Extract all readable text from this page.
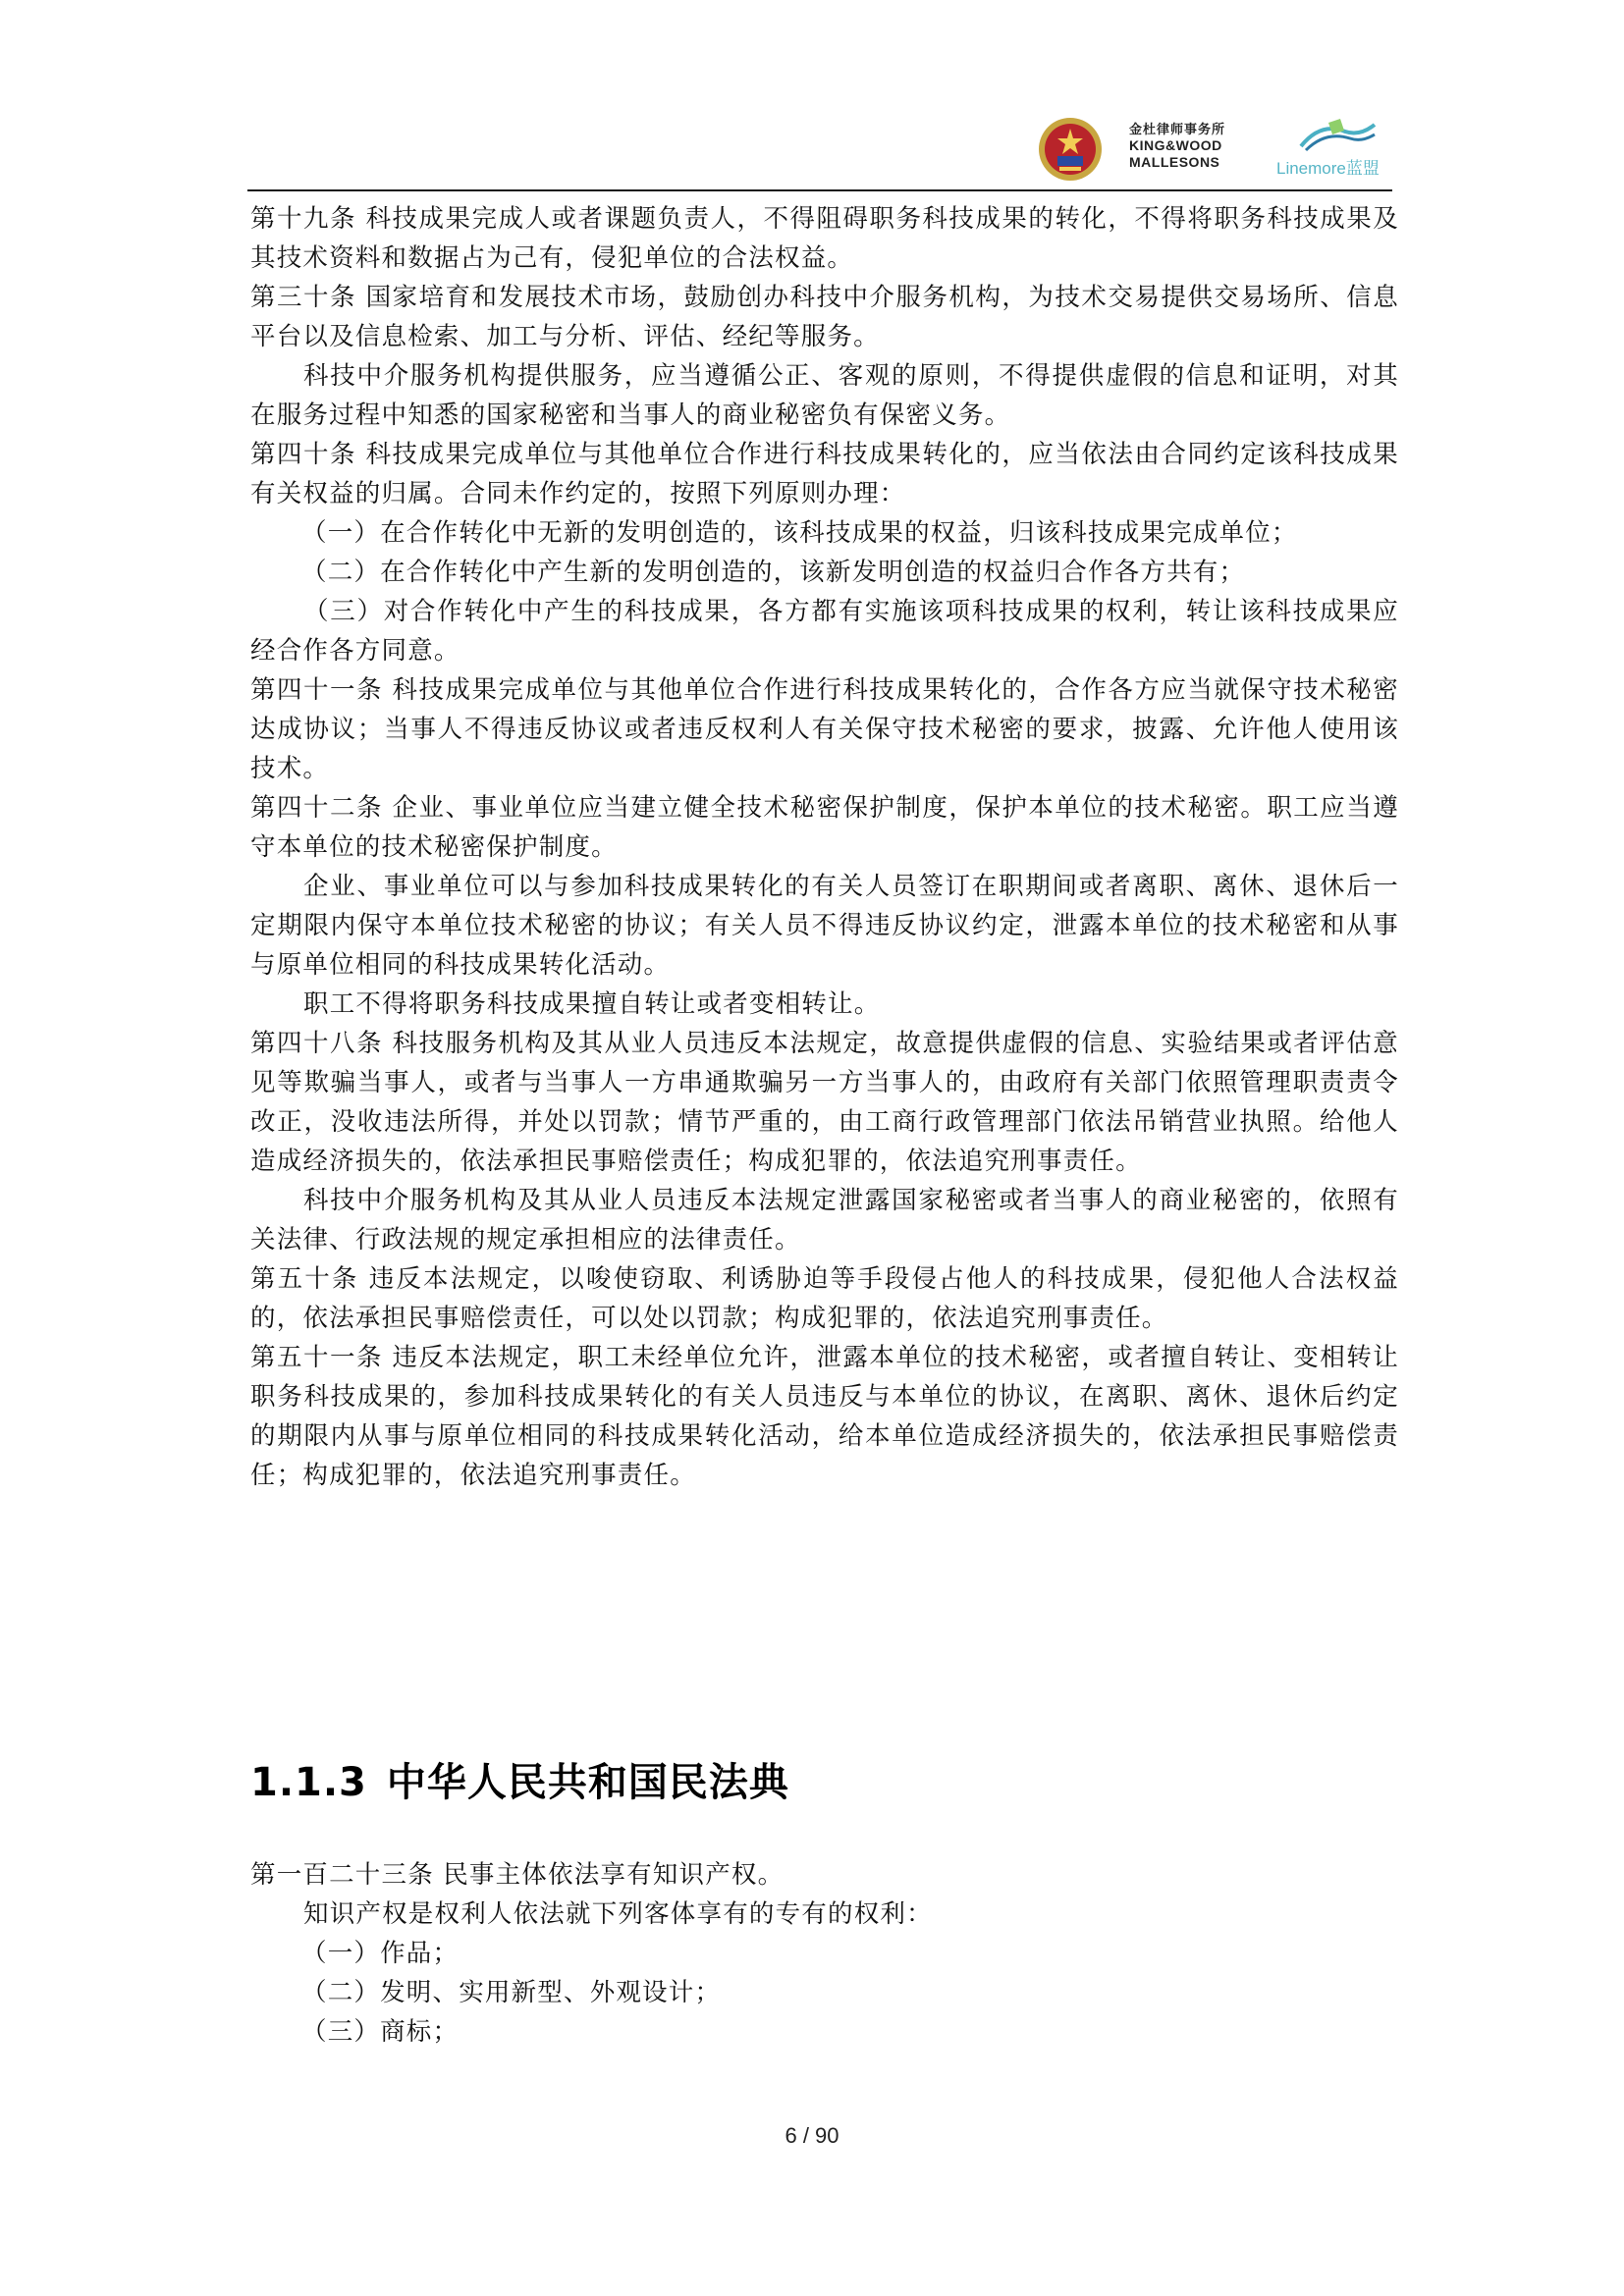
金杜律师事务所
KING&WOOD
MALLESONS	Linemore蓝盟

第十九条 科技成果完成人或者课题负责人，不得阻碍职务科技成果的转化，不得将职务科技成果及其技术资料和数据占为己有，侵犯单位的合法权益。

第三十条 国家培育和发展技术市场，鼓励创办科技中介服务机构，为技术交易提供交易场所、信息平台以及信息检索、加工与分析、评估、经纪等服务。

科技中介服务机构提供服务，应当遵循公正、客观的原则，不得提供虚假的信息和证明，对其在服务过程中知悉的国家秘密和当事人的商业秘密负有保密义务。

第四十条 科技成果完成单位与其他单位合作进行科技成果转化的，应当依法由合同约定该科技成果有关权益的归属。合同未作约定的，按照下列原则办理：

（一）在合作转化中无新的发明创造的，该科技成果的权益，归该科技成果完成单位；

（二）在合作转化中产生新的发明创造的，该新发明创造的权益归合作各方共有；

（三）对合作转化中产生的科技成果，各方都有实施该项科技成果的权利，转让该科技成果应经合作各方同意。

第四十一条 科技成果完成单位与其他单位合作进行科技成果转化的，合作各方应当就保守技术秘密达成协议；当事人不得违反协议或者违反权利人有关保守技术秘密的要求，披露、允许他人使用该技术。

第四十二条 企业、事业单位应当建立健全技术秘密保护制度，保护本单位的技术秘密。职工应当遵守本单位的技术秘密保护制度。

企业、事业单位可以与参加科技成果转化的有关人员签订在职期间或者离职、离休、退休后一定期限内保守本单位技术秘密的协议；有关人员不得违反协议约定，泄露本单位的技术秘密和从事与原单位相同的科技成果转化活动。

职工不得将职务科技成果擅自转让或者变相转让。

第四十八条 科技服务机构及其从业人员违反本法规定，故意提供虚假的信息、实验结果或者评估意见等欺骗当事人，或者与当事人一方串通欺骗另一方当事人的，由政府有关部门依照管理职责责令改正，没收违法所得，并处以罚款；情节严重的，由工商行政管理部门依法吊销营业执照。给他人造成经济损失的，依法承担民事赔偿责任；构成犯罪的，依法追究刑事责任。

科技中介服务机构及其从业人员违反本法规定泄露国家秘密或者当事人的商业秘密的，依照有关法律、行政法规的规定承担相应的法律责任。

第五十条 违反本法规定，以唆使窃取、利诱胁迫等手段侵占他人的科技成果，侵犯他人合法权益的，依法承担民事赔偿责任，可以处以罚款；构成犯罪的，依法追究刑事责任。

第五十一条 违反本法规定，职工未经单位允许，泄露本单位的技术秘密，或者擅自转让、变相转让职务科技成果的，参加科技成果转化的有关人员违反与本单位的协议，在离职、离休、退休后约定的期限内从事与原单位相同的科技成果转化活动，给本单位造成经济损失的，依法承担民事赔偿责任；构成犯罪的，依法追究刑事责任。

1.1.3 中华人民共和国民法典

第一百二十三条 民事主体依法享有知识产权。

知识产权是权利人依法就下列客体享有的专有的权利：

（一）作品；

（二）发明、实用新型、外观设计；

（三）商标；

6 / 90
